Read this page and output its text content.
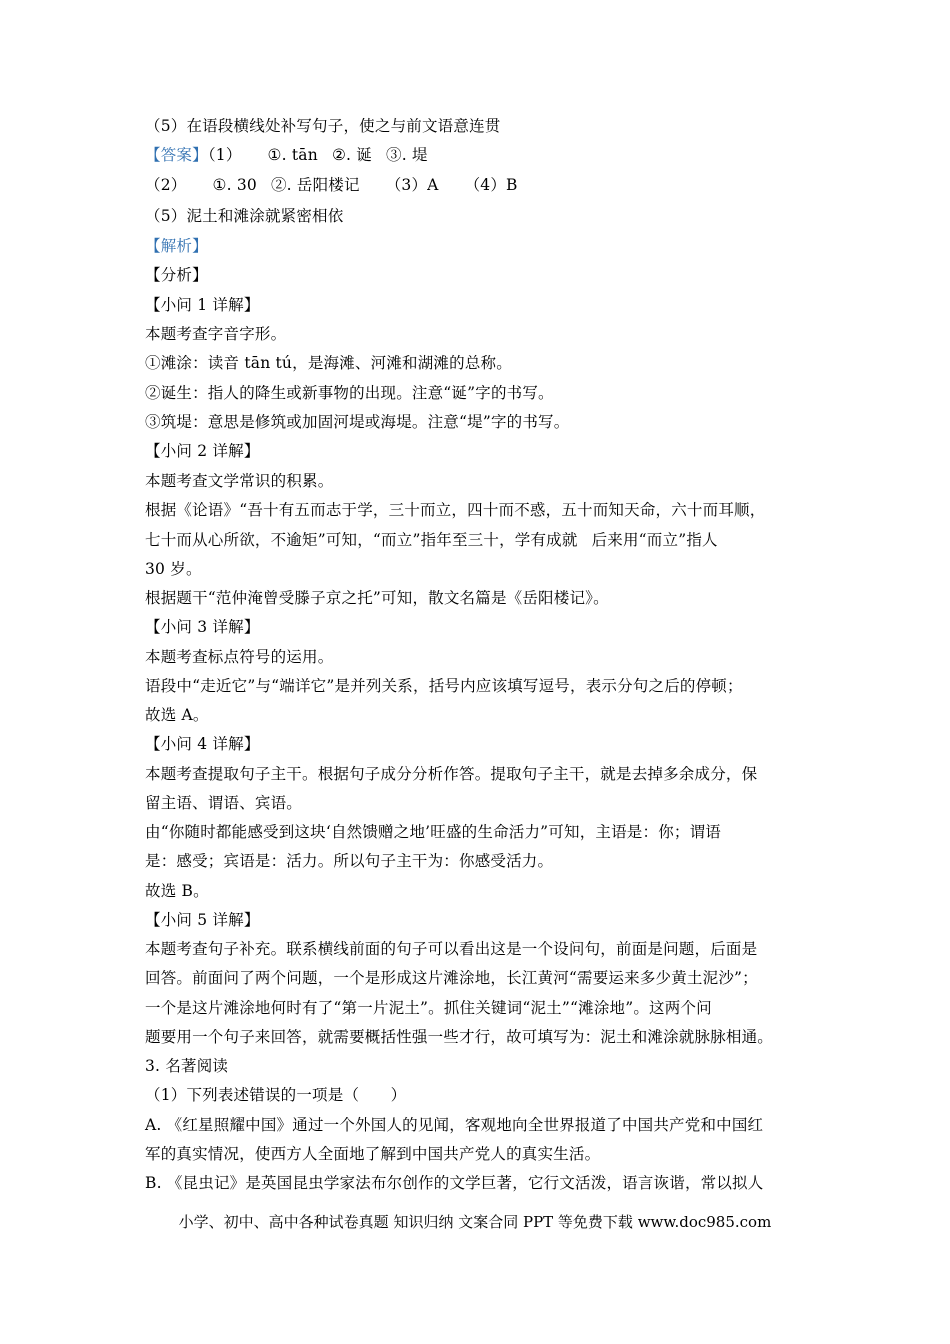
（5）在语段横线处补写句子，使之与前文语意连贯
【答案】（1） ①. tān ②. 诞 ③. 堤
（2） ①. 30 ②. 岳阳楼记 （3）A （4）B
（5）泥土和滩涂就紧密相依
【解析】
【分析】
【小问 1 详解】
本题考查字音字形。
①滩涂：读音 tān tú，是海滩、河滩和湖滩的总称。
②诞生：指人的降生或新事物的出现。注意“诞”字的书写。
③筑堤：意思是修筑或加固河堤或海堤。注意“堤”字的书写。
【小问 2 详解】
本题考查文学常识的积累。
根据《论语》“吾十有五而志于学，三十而立，四十而不惑，五十而知天命，六十而耳顺，
七十而从心所欲，不逾矩”可知，“而立”指年至三十，学有成就 后来用“而立”指人
30 岁。
根据题干“范仲淹曾受滕子京之托”可知，散文名篇是《岳阳楼记》。
【小问 3 详解】
本题考查标点符号的运用。
语段中“走近它”与“端详它”是并列关系，括号内应该填写逗号，表示分句之后的停顿；
故选 A。
【小问 4 详解】
本题考查提取句子主干。根据句子成分分析作答。提取句子主干，就是去掉多余成分，保
留主语、谓语、宾语。
由“你随时都能感受到这块‘自然馈赠之地’旺盛的生命活力”可知，主语是：你；谓语
是：感受；宾语是：活力。所以句子主干为：你感受活力。
故选 B。
【小问 5 详解】
本题考查句子补充。联系横线前面的句子可以看出这是一个设问句，前面是问题，后面是
回答。前面问了两个问题，一个是形成这片滩涂地，长江黄河“需要运来多少黄土泥沙”；
一个是这片滩涂地何时有了“第一片泥土”。抓住关键词“泥土”“滩涂地”。这两个问
题要用一个句子来回答，就需要概括性强一些才行，故可填写为：泥土和滩涂就脉脉相通。
3. 名著阅读
（1）下列表述错误的一项是（　　）
A. 《红星照耀中国》通过一个外国人的见闻，客观地向全世界报道了中国共产党和中国红
军的真实情况，使西方人全面地了解到中国共产党人的真实生活。
B. 《昆虫记》是英国昆虫学家法布尔创作的文学巨著，它行文活泼，语言诙谐，常以拟人
小学、初中、高中各种试卷真题 知识归纳 文案合同 PPT 等免费下载 www.doc985.com
